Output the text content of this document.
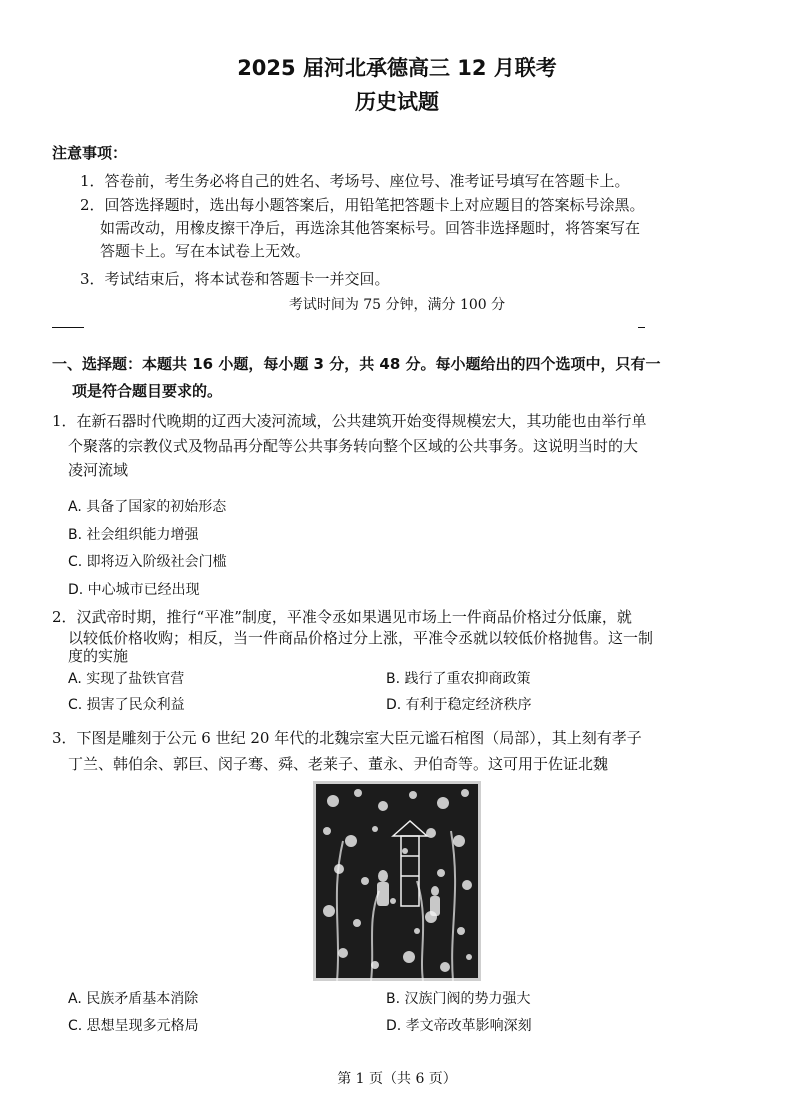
2025 届河北承德高三 12 月联考
历史试题
注意事项：
1．答卷前，考生务必将自己的姓名、考场号、座位号、准考证号填写在答题卡上。
2．回答选择题时，选出每小题答案后，用铅笔把答题卡上对应题目的答案标号涂黑。
如需改动，用橡皮擦干净后，再选涂其他答案标号。回答非选择题时，将答案写在
答题卡上。写在本试卷上无效。
3．考试结束后，将本试卷和答题卡一并交回。
考试时间为 75 分钟，满分 100 分
一、选择题：本题共 16 小题，每小题 3 分，共 48 分。每小题给出的四个选项中，只有一
项是符合题目要求的。
1．在新石器时代晚期的辽西大凌河流域，公共建筑开始变得规模宏大，其功能也由举行单
个聚落的宗教仪式及物品再分配等公共事务转向整个区域的公共事务。这说明当时的大
凌河流域
A. 具备了国家的初始形态
B. 社会组织能力增强
C. 即将迈入阶级社会门槛
D. 中心城市已经出现
2．汉武帝时期，推行“平准”制度，平准令丞如果遇见市场上一件商品价格过分低廉，就
以较低价格收购；相反，当一件商品价格过分上涨，平准令丞就以较低价格抛售。这一制
度的实施
A. 实现了盐铁官营	B. 践行了重农抑商政策
C. 损害了民众利益	D. 有利于稳定经济秩序
3．下图是雕刻于公元 6 世纪 20 年代的北魏宗室大臣元谧石棺图（局部），其上刻有孝子
丁兰、韩伯余、郭巨、闵子骞、舜、老莱子、董永、尹伯奇等。这可用于佐证北魏
A. 民族矛盾基本消除	B. 汉族门阀的势力强大
C. 思想呈现多元格局	D. 孝文帝改革影响深刻
第 1 页（共 6 页）
